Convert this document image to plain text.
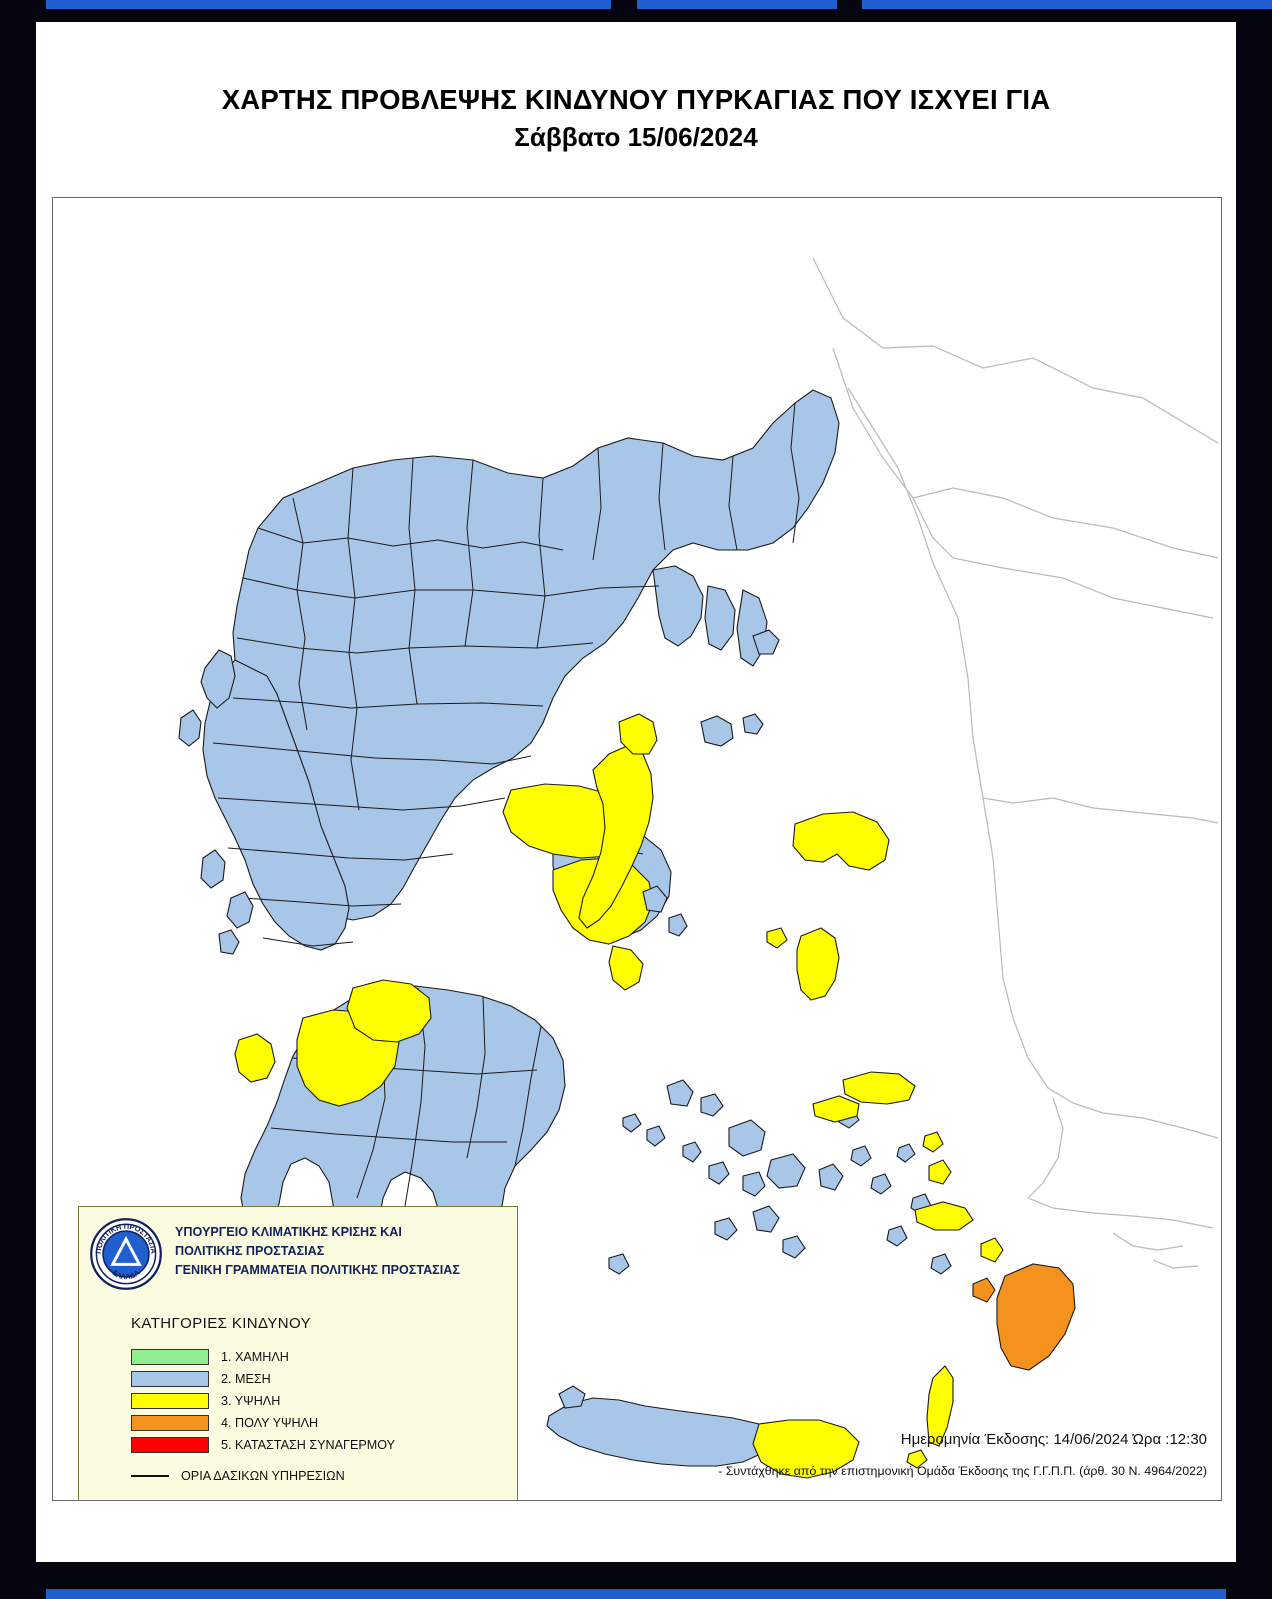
ΧΑΡΤΗΣ ΠΡΟΒΛΕΨΗΣ ΚΙΝΔΥΝΟΥ ΠΥΡΚΑΓΙΑΣ ΠΟΥ ΙΣΧΥΕΙ ΓΙΑ
Σάββατο 15/06/2024
ΠΟΛΙΤΙΚΗ ΠΡΟΣΤΑΣΙΑ
ΕΛΛΑΔΑ
ΥΠΟΥΡΓΕΙΟ ΚΛΙΜΑΤΙΚΗΣ ΚΡΙΣΗΣ ΚΑΙ
ΠΟΛΙΤΙΚΗΣ ΠΡΟΣΤΑΣΙΑΣ
ΓΕΝΙΚΗ ΓΡΑΜΜΑΤΕΙΑ ΠΟΛΙΤΙΚΗΣ ΠΡΟΣΤΑΣΙΑΣ
ΚΑΤΗΓΟΡΙΕΣ ΚΙΝΔΥΝΟΥ
1. ΧΑΜΗΛΗ
2. ΜΕΣΗ
3. ΥΨΗΛΗ
4. ΠΟΛΥ ΥΨΗΛΗ
5. ΚΑΤΑΣΤΑΣΗ ΣΥΝΑΓΕΡΜΟΥ
ΟΡΙΑ ΔΑΣΙΚΩΝ ΥΠΗΡΕΣΙΩΝ
Ημερομηνία Έκδοσης: 14/06/2024 Ώρα :12:30
- Συντάχθηκε από την επιστημονική Ομάδα Έκδοσης της Γ.Γ.Π.Π. (άρθ. 30 Ν. 4964/2022)
